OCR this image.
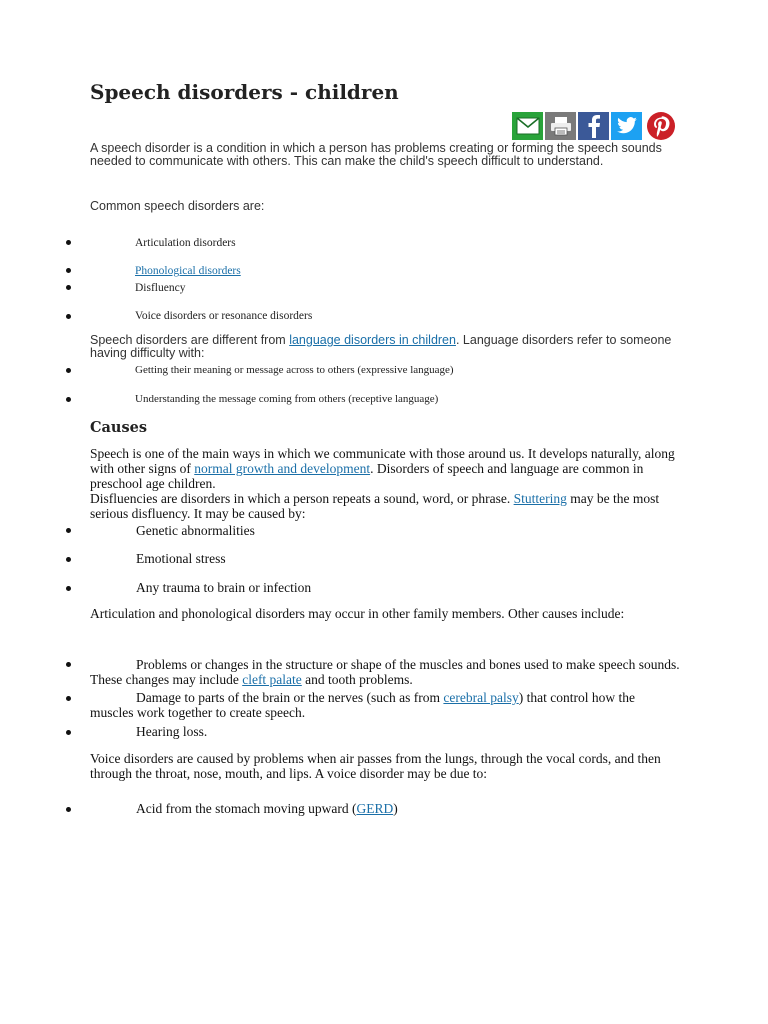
Speech disorders - children

A speech disorder is a condition in which a person has problems creating or forming the speech sounds needed to communicate with others. This can make the child's speech difficult to understand.

Common speech disorders are:

Articulation disorders
Phonological disorders
Disfluency
Voice disorders or resonance disorders

Speech disorders are different from language disorders in children. Language disorders refer to someone having difficulty with:

Getting their meaning or message across to others (expressive language)
Understanding the message coming from others (receptive language)
Causes

Speech is one of the main ways in which we communicate with those around us. It develops naturally, along with other signs of normal growth and development. Disorders of speech and language are common in preschool age children.
Disfluencies are disorders in which a person repeats a sound, word, or phrase. Stuttering may be the most serious disfluency. It may be caused by:

Genetic abnormalities
Emotional stress
Any trauma to brain or infection

Articulation and phonological disorders may occur in other family members. Other causes include:

Problems or changes in the structure or shape of the muscles and bones used to make speech sounds. These changes may include cleft palate and tooth problems.

Damage to parts of the brain or the nerves (such as from cerebral palsy) that control how the muscles work together to create speech.

Hearing loss.

Voice disorders are caused by problems when air passes from the lungs, through the vocal cords, and then through the throat, nose, mouth, and lips. A voice disorder may be due to:

Acid from the stomach moving upward (GERD)
